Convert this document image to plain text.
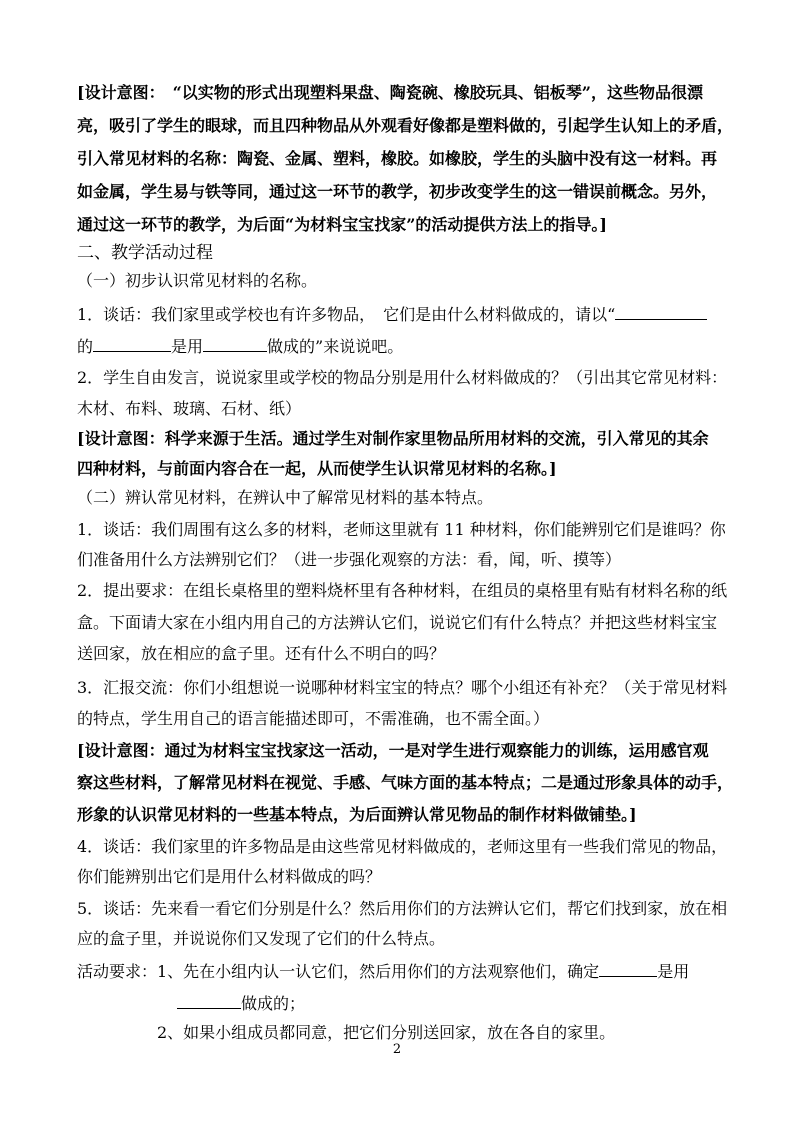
[设计意图：　“以实物的形式出现塑料果盘、陶瓷碗、橡胶玩具、铝板琴”，这些物品很漂
亮，吸引了学生的眼球，而且四种物品从外观看好像都是塑料做的，引起学生认知上的矛盾，
引入常见材料的名称：陶瓷、金属、塑料，橡胶。如橡胶，学生的头脑中没有这一材料。再
如金属，学生易与铁等同，通过这一环节的教学，初步改变学生的这一错误前概念。另外，
通过这一环节的教学，为后面“为材料宝宝找家”的活动提供方法上的指导。]
二、教学活动过程
（一）初步认识常见材料的名称。
1．谈话：我们家里或学校也有许多物品，　它们是由什么材料做成的，请以“
的	是用	做成的”来说说吧。
2．学生自由发言，说说家里或学校的物品分别是用什么材料做成的？（引出其它常见材料：
木材、布料、玻璃、石材、纸）
[设计意图：科学来源于生活。通过学生对制作家里物品所用材料的交流，引入常见的其余
四种材料，与前面内容合在一起，从而使学生认识常见材料的名称。]
（二）辨认常见材料，在辨认中了解常见材料的基本特点。
1．谈话：我们周围有这么多的材料，老师这里就有 11 种材料，你们能辨别它们是谁吗？你
们准备用什么方法辨别它们？（进一步强化观察的方法：看，闻，听、摸等）
2．提出要求：在组长桌格里的塑料烧杯里有各种材料，在组员的桌格里有贴有材料名称的纸
盒。下面请大家在小组内用自己的方法辨认它们，说说它们有什么特点？并把这些材料宝宝
送回家，放在相应的盒子里。还有什么不明白的吗？
3．汇报交流：你们小组想说一说哪种材料宝宝的特点？哪个小组还有补充？（关于常见材料
的特点，学生用自己的语言能描述即可，不需准确，也不需全面。）
[设计意图：通过为材料宝宝找家这一活动，一是对学生进行观察能力的训练，运用感官观
察这些材料，了解常见材料在视觉、手感、气味方面的基本特点；二是通过形象具体的动手，
形象的认识常见材料的一些基本特点，为后面辨认常见物品的制作材料做铺垫。]
4．谈话：我们家里的许多物品是由这些常见材料做成的，老师这里有一些我们常见的物品，
你们能辨别出它们是用什么材料做成的吗？
5．谈话：先来看一看它们分别是什么？然后用你们的方法辨认它们，帮它们找到家，放在相
应的盒子里，并说说你们又发现了它们的什么特点。
活动要求：1、先在小组内认一认它们，然后用你们的方法观察他们，确定	是用
做成的；
2、如果小组成员都同意，把它们分别送回家，放在各自的家里。
2
